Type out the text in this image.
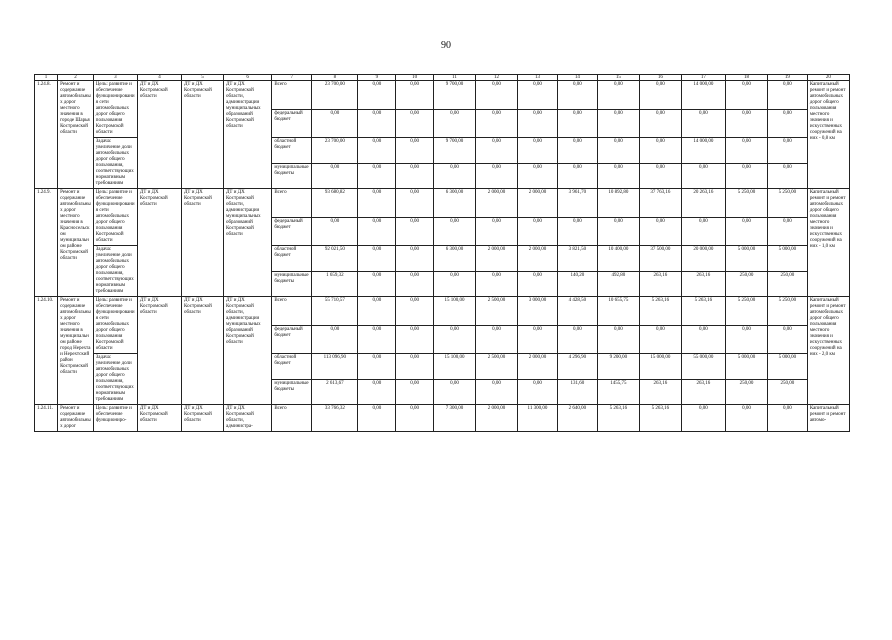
90
1	2	3	4	5	6	7	8	9	10	11	12	13	14	15	16	17	18	19	20
1.24.8.	Ремонт и содержание автомобильных дорог местного значения в городе Шарья Костромской области	Цель: развитие и обеспечение функционирования сети автомобильных дорог общего пользования Костромской области	ДТ и ДХ Костромской области	ДТ и ДХ Костромской области	ДТ и ДХ Костромской области, администрации муниципальных образований Костромской области	Всего	23 700,00	0,00	0,00	9 700,00	0,00	0,00	0,00	0,00	0,00	14 000,00	0,00	0,00	Капитальный ремонт и ремонт автомобильных дорог общего пользования местного значения и искусственных сооружений на них - 0,8 км
						федеральный бюджет	0,00	0,00	0,00	0,00	0,00	0,00	0,00	0,00	0,00	0,00	0,00	0,00	
		Задача: увеличение доли автомобильных дорог общего пользования, соответствующих нормативным требованиям				областной бюджет	23 700,00	0,00	0,00	9 700,00	0,00	0,00	0,00	0,00	0,00	14 000,00	0,00	0,00	
						муниципальные бюджеты	0,00	0,00	0,00	0,00	0,00	0,00	0,00	0,00	0,00	0,00	0,00	0,00	
1.24.9.	Ремонт и содержание автомобильных дорог местного значения в Красносельском муниципальном районе Костромской области	Цель: развитие и обеспечение функционирования сети автомобильных дорог общего пользования Костромской области	ДТ и ДХ Костромской области	ДТ и ДХ Костромской области	ДТ и ДХ Костромской области, администрации муниципальных образований Костромской области	Всего	93 680,82	0,00	0,00	6 300,00	2 000,00	2 000,00	3 961,70	10 892,80	37 763,16	20 263,16	5 250,00	5 250,00	Капитальный ремонт и ремонт автомобильных дорог общего пользования местного значения и искусственных сооружений на них - 1,0 км
						федеральный бюджет	0,00	0,00	0,00	0,00	0,00	0,00	0,00	0,00	0,00	0,00	0,00	0,00	
		Задача: увеличение доли автомобильных дорог общего пользования, соответствующих нормативным требованиям				областной бюджет	92 021,50	0,00	0,00	6 300,00	2 000,00	2 000,00	3 821,50	10 400,00	37 500,00	20 000,00	5 000,00	5 000,00	
						муниципальные бюджеты	1 659,32	0,00	0,00	0,00	0,00	0,00	140,20	492,80	263,16	263,16	250,00	250,00	
1.24.10.	Ремонт и содержание автомобильных дорог местного значения в муниципальном районе город Нерехта и Нерехтский район Костромской области	Цель: развитие и обеспечение функционирования сети автомобильных дорог общего пользования Костромской области	ДТ и ДХ Костромской области	ДТ и ДХ Костромской области	ДТ и ДХ Костромской области, администрации муниципальных образований Костромской области	Всего	55 710,57	0,00	0,00	15 100,00	2 500,00	3 000,00	4 428,50	10 655,75	5 263,16	5 263,16	5 250,00	5 250,00	Капитальный ремонт и ремонт автомобильных дорог общего пользования местного значения и искусственных сооружений на них - 2,0 км
						федеральный бюджет	0,00	0,00	0,00	0,00	0,00	0,00	0,00	0,00	0,00	0,00	0,00	0,00	
		Задача: увеличение доли автомобильных дорог общего пользования, соответствующих нормативным требованиям				областной бюджет	113 096,90	0,00	0,00	15 100,00	2 500,00	2 000,00	4 296,90	9 200,00	15 000,00	55 000,00	5 000,00	5 000,00	
						муниципальные бюджеты	2 613,67	0,00	0,00	0,00	0,00	0,00	131,60	1455,75	263,16	263,16	250,00	250,00	
1.24.11.	Ремонт и содержание автомобильных дорог	Цель: развитие и обеспечение функциониро-	ДТ и ДХ Костромской области	ДТ и ДХ Костромской области	ДТ и ДХ Костромской области, администра-	Всего	33 766,32	0,00	0,00	7 300,00	2 000,00	11 300,00	2 640,00	5 263,16	5 263,16	0,00	0,00	0,00	Капитальный ремонт и ремонт автомо-
